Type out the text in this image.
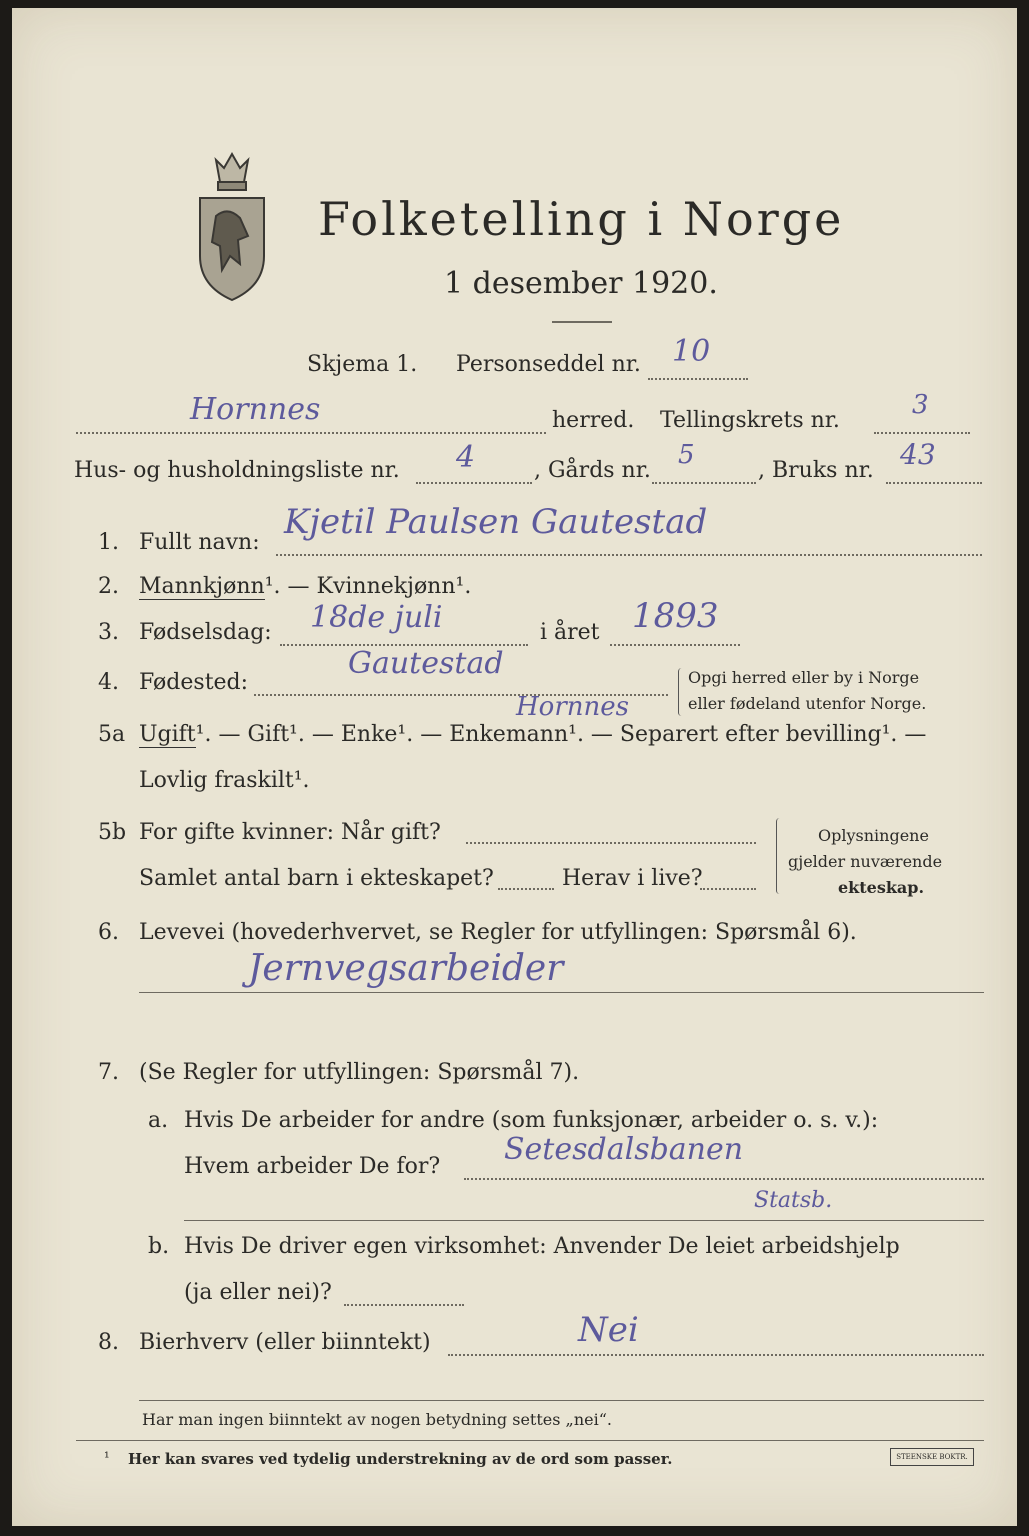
Folketelling i Norge
1 desember 1920.
Skjema 1. Personseddel nr. 10
Hornnes	herred. Tellingskrets nr.
3
Hus- og husholdningsliste nr. 4	, Gårds nr.
5
, Bruks nr. 43
1. Fullt navn:
Kjetil Paulsen Gautestad
2. Mannkjønn¹. — Kvinnekjønn¹.
3. Fødselsdag: 18de juli	i året 1893
4. Fødested:
Gautestad
Hornnes
Opgi herred eller by i Norge
eller fødeland utenfor Norge.
5a Ugift¹. — Gift¹. — Enke¹. — Enkemann¹. — Separert efter bevilling¹. —
Lovlig fraskilt¹.
5b For gifte kvinner: Når gift?
Samlet antal barn i ekteskapet?	Herav i live?
Oplysningene
gjelder nuværende
ekteskap.
6. Levevei (hovederhvervet, se Regler for utfyllingen: Spørsmål 6).
Jernvegsarbeider
7. (Se Regler for utfyllingen: Spørsmål 7).
a. Hvis De arbeider for andre (som funksjonær, arbeider o. s. v.):
Hvem arbeider De for? Setesdalsbanen
Statsb.
b. Hvis De driver egen virksomhet: Anvender De leiet arbeidshjelp
(ja eller nei)?
8. Bierhverv (eller biinntekt)	Nei
Har man ingen biinntekt av nogen betydning settes „nei“.
¹ Her kan svares ved tydelig understrekning av de ord som passer.	STEENSKE BOKTR.
